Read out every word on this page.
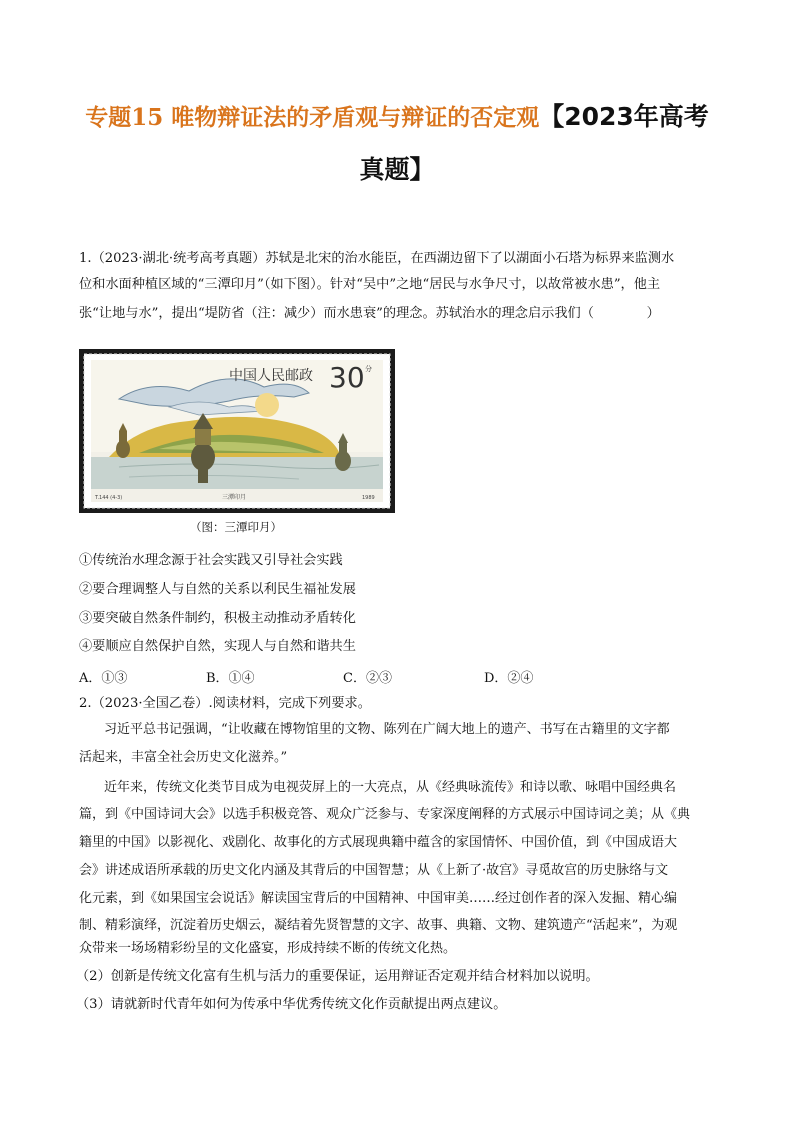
专题15 唯物辩证法的矛盾观与辩证的否定观【2023年高考
真题】
1.（2023·湖北·统考高考真题）苏轼是北宋的治水能臣，在西湖边留下了以湖面小石塔为标界来监测水
位和水面种植区域的“三潭印月”（如下图）。针对“吴中”之地“居民与水争尺寸，以故常被水患”，他主
张“让地与水”，提出“堤防省（注：减少）而水患衰”的理念。苏轼治水的理念启示我们（　　　　）
中国人民邮政 30 分
T.144 (4-3)	三潭印月	1989
（图：三潭印月）
①传统治水理念源于社会实践又引导社会实践
②要合理调整人与自然的关系以利民生福祉发展
③要突破自然条件制约，积极主动推动矛盾转化
④要顺应自然保护自然，实现人与自然和谐共生
A．①③	B．①④	C．②③	D．②④
2.（2023·全国乙卷）.阅读材料，完成下列要求。
习近平总书记强调，“让收藏在博物馆里的文物、陈列在广阔大地上的遗产、书写在古籍里的文字都
活起来，丰富全社会历史文化滋养。”
近年来，传统文化类节目成为电视荧屏上的一大亮点，从《经典咏流传》和诗以歌、咏唱中国经典名
篇，到《中国诗词大会》以选手积极竞答、观众广泛参与、专家深度阐释的方式展示中国诗词之美；从《典
籍里的中国》以影视化、戏剧化、故事化的方式展现典籍中蕴含的家国情怀、中国价值，到《中国成语大
会》讲述成语所承载的历史文化内涵及其背后的中国智慧；从《上新了·故宫》寻觅故宫的历史脉络与文
化元素，到《如果国宝会说话》解读国宝背后的中国精神、中国审美……经过创作者的深入发掘、精心编
制、精彩演绎，沉淀着历史烟云，凝结着先贤智慧的文字、故事、典籍、文物、建筑遗产“活起来”，为观
众带来一场场精彩纷呈的文化盛宴，形成持续不断的传统文化热。
（2）创新是传统文化富有生机与活力的重要保证，运用辩证否定观并结合材料加以说明。
（3）请就新时代青年如何为传承中华优秀传统文化作贡献提出两点建议。
